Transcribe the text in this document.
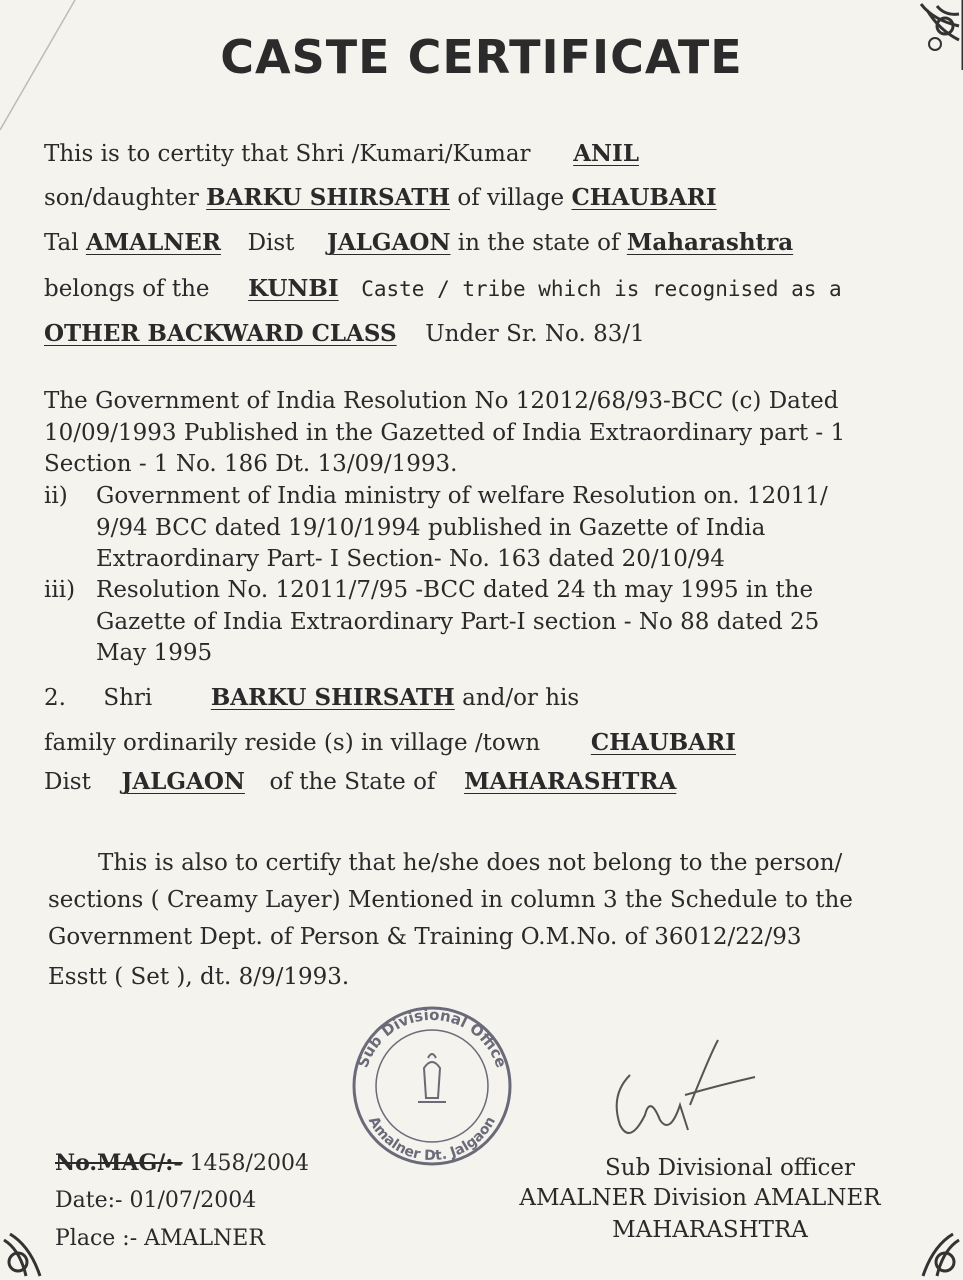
CASTE CERTIFICATE
This is to certity that Shri /Kumari/Kumar ANIL
son/daughter BARKU SHIRSATH of village CHAUBARI
Tal AMALNER Dist JALGAON in the state of Maharashtra
belongs of the KUNBI Caste / tribe which is recognised as a
OTHER BACKWARD CLASS Under Sr. No. 83/1
The Government of India Resolution No 12012/68/93-BCC (c) Dated
10/09/1993 Published in the Gazetted of India Extraordinary part - 1
Section - 1 No. 186 Dt. 13/09/1993.
ii) Government of India ministry of welfare Resolution on. 12011/
9/94 BCC dated 19/10/1994 published in Gazette of India
Extraordinary Part- I Section- No. 163 dated 20/10/94
iii) Resolution No. 12011/7/95 -BCC dated 24 th may 1995 in the
Gazette of India Extraordinary Part-I section - No 88 dated 25
May 1995
2. Shri	BARKU SHIRSATH and/or his
family ordinarily reside (s) in village /town CHAUBARI
Dist JALGAON of the State of MAHARASHTRA
This is also to certify that he/she does not belong to the person/
sections ( Creamy Layer) Mentioned in column 3 the Schedule to the
Government Dept. of Person & Training O.M.No. of 36012/22/93
Esstt ( Set ), dt. 8/9/1993.
Sub Divisional Office
Amalner Dt. Jalgaon
No.MAG/:- 1458/2004
Date:- 01/07/2004
Place :- AMALNER
Sub Divisional officer
AMALNER Division AMALNER
MAHARASHTRA
